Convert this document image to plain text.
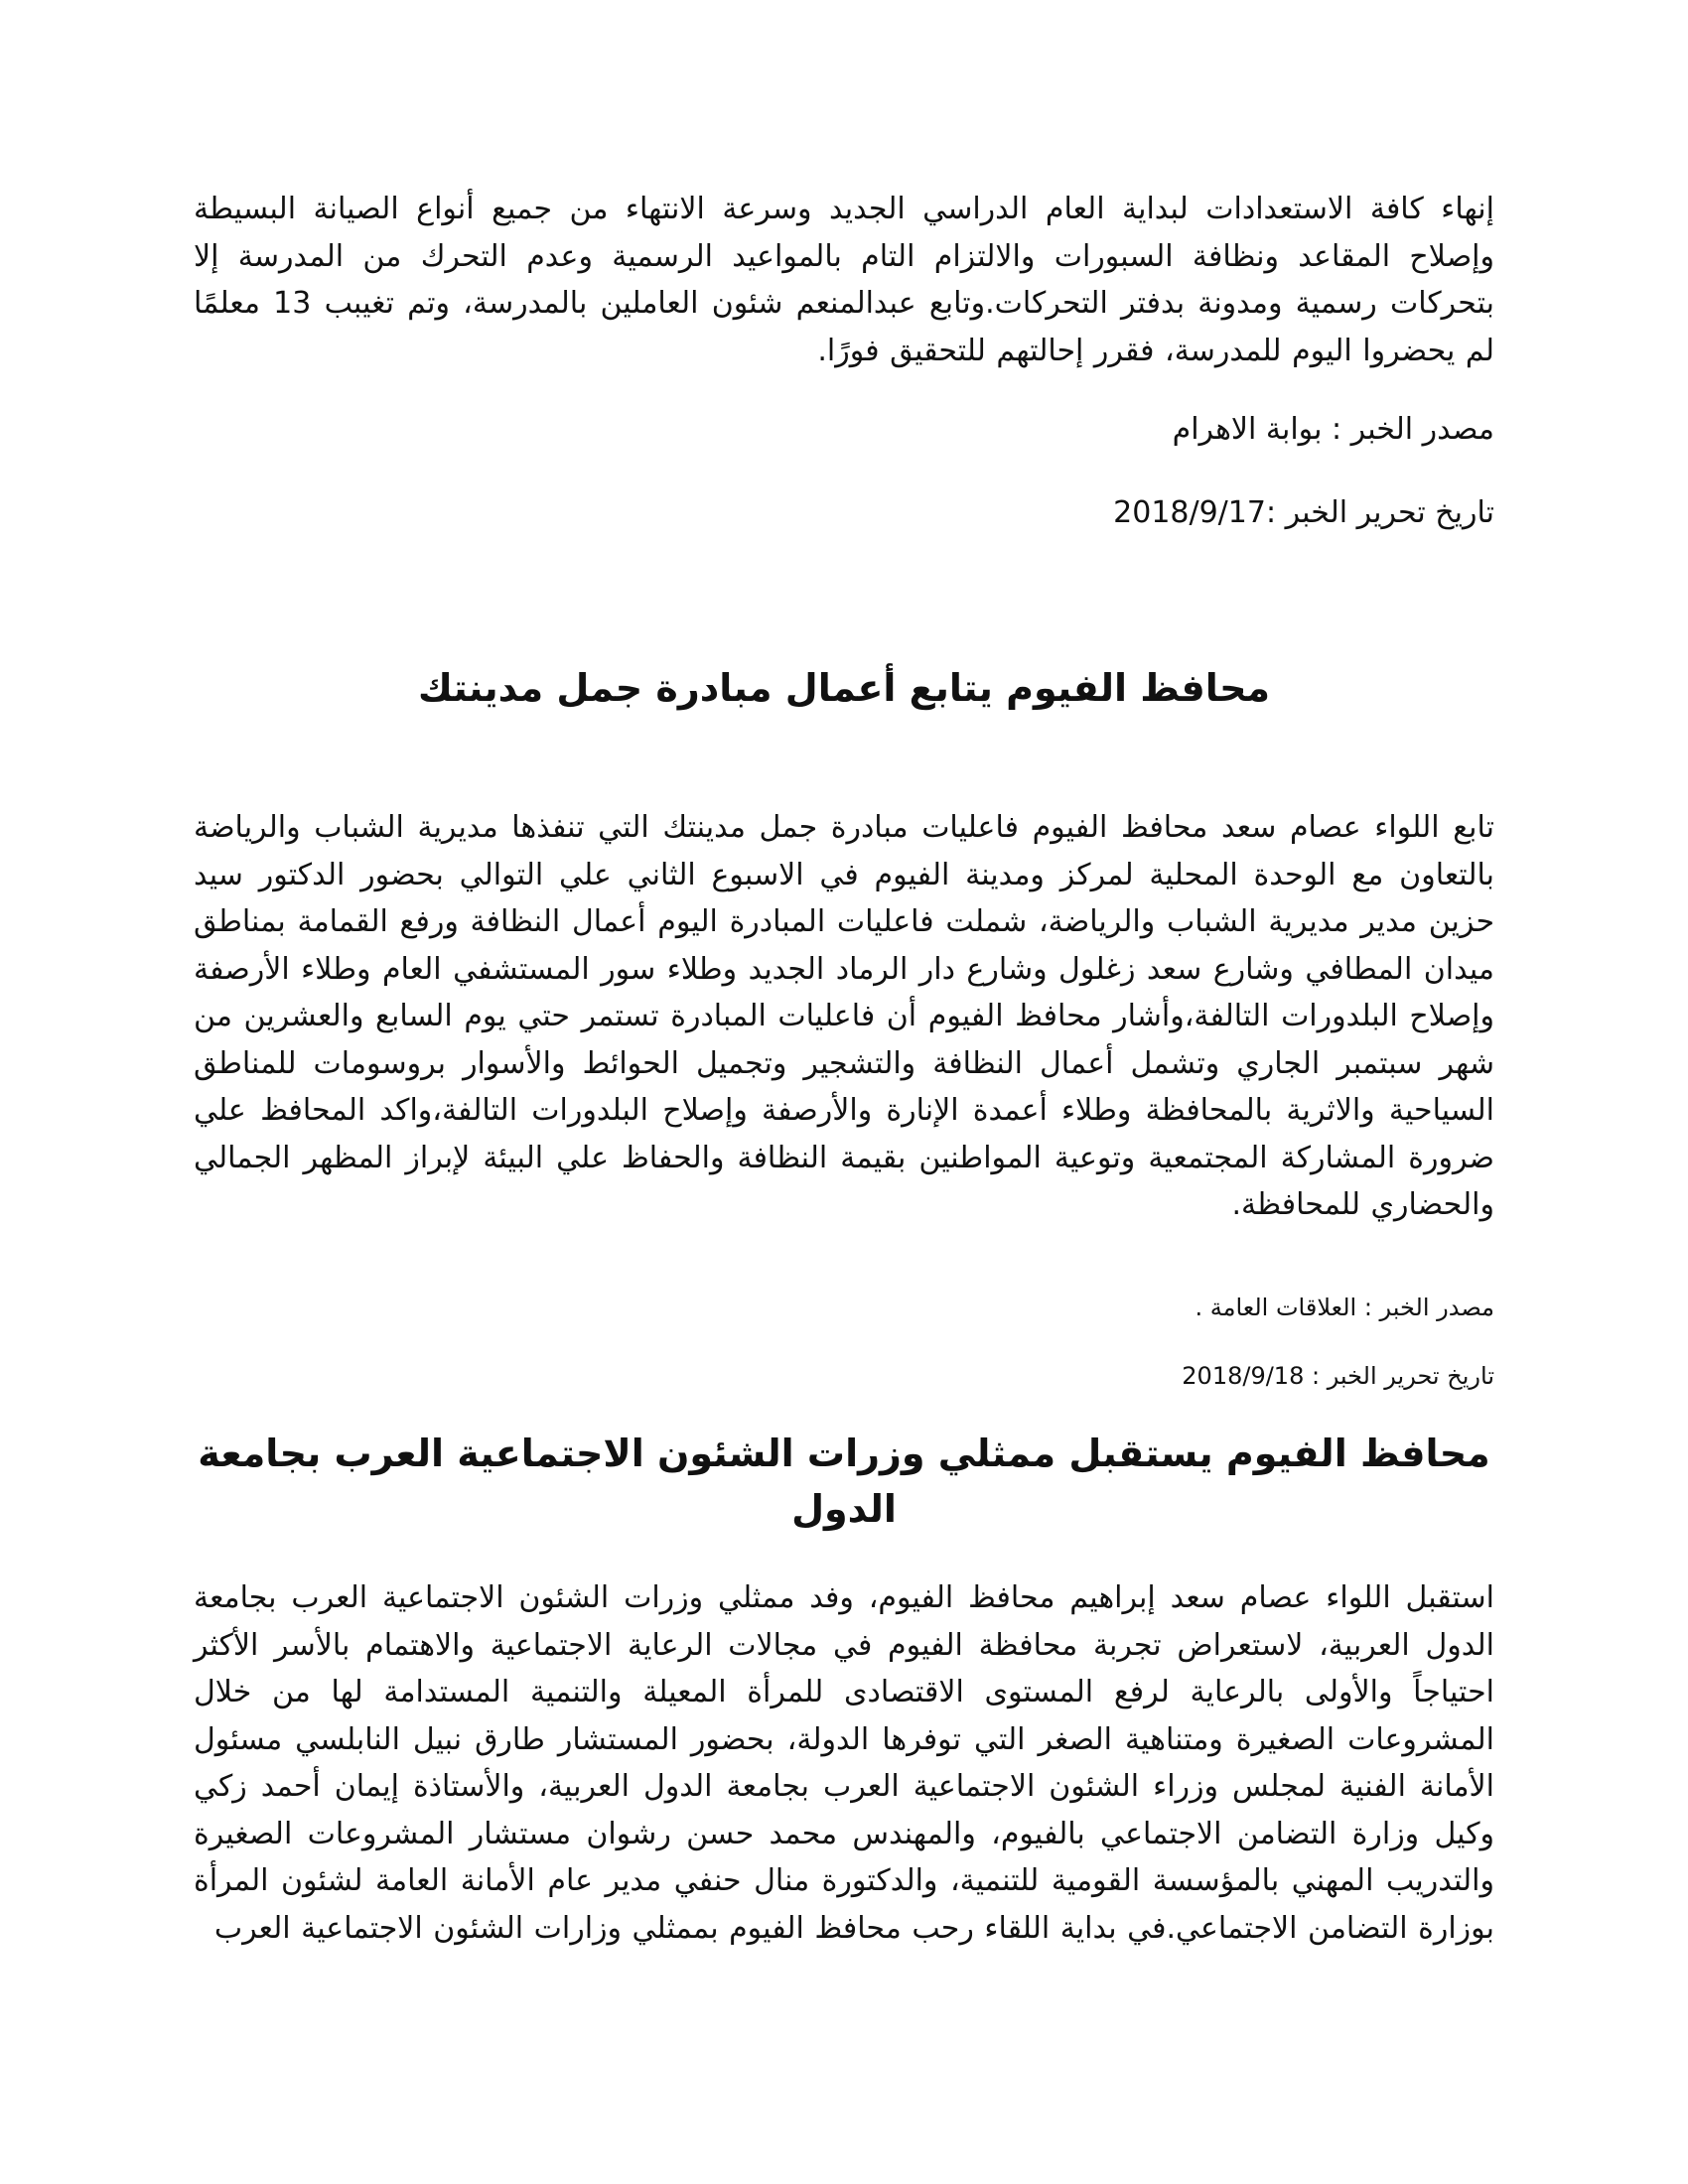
إنهاء كافة الاستعدادات لبداية العام الدراسي الجديد وسرعة الانتهاء من جميع أنواع الصيانة البسيطة وإصلاح المقاعد ونظافة السبورات والالتزام التام بالمواعيد الرسمية وعدم التحرك من المدرسة إلا بتحركات رسمية ومدونة بدفتر التحركات.وتابع عبدالمنعم شئون العاملين بالمدرسة، وتم تغيبب 13 معلمًا لم يحضروا اليوم للمدرسة، فقرر إحالتهم للتحقيق فورًا.

مصدر الخبر : بوابة الاهرام
تاريخ تحرير الخبر :2018/9/17
محافظ الفيوم يتابع أعمال مبادرة جمل مدينتك

تابع اللواء عصام سعد محافظ الفيوم فاعليات مبادرة جمل مدينتك التي تنفذها مديرية الشباب والرياضة بالتعاون مع الوحدة المحلية لمركز ومدينة الفيوم في الاسبوع الثاني علي التوالي بحضور الدكتور سيد حزين مدير مديرية الشباب والرياضة، شملت فاعليات المبادرة اليوم أعمال النظافة ورفع القمامة بمناطق ميدان المطافي وشارع سعد زغلول وشارع دار الرماد الجديد وطلاء سور المستشفي العام وطلاء الأرصفة وإصلاح البلدورات التالفة،وأشار محافظ الفيوم أن فاعليات المبادرة تستمر حتي يوم السابع والعشرين من شهر سبتمبر الجاري وتشمل أعمال النظافة والتشجير وتجميل الحوائط والأسوار بروسومات للمناطق السياحية والاثرية بالمحافظة وطلاء أعمدة الإنارة والأرصفة وإصلاح البلدورات التالفة،واكد المحافظ علي ضرورة المشاركة المجتمعية وتوعية المواطنين بقيمة النظافة والحفاظ علي البيئة لإبراز المظهر الجمالي والحضاري للمحافظة.

مصدر الخبر : العلاقات العامة .
تاريخ تحرير الخبر : 2018/9/18
محافظ الفيوم يستقبل ممثلي وزرات الشئون الاجتماعية العرب بجامعة الدول

استقبل اللواء عصام سعد إبراهيم محافظ الفيوم، وفد ممثلي وزرات الشئون الاجتماعية العرب بجامعة الدول العربية، لاستعراض تجربة محافظة الفيوم في مجالات الرعاية الاجتماعية والاهتمام بالأسر الأكثر احتياجاً والأولى بالرعاية لرفع المستوى الاقتصادى للمرأة المعيلة والتنمية المستدامة لها من خلال المشروعات الصغيرة ومتناهية الصغر التي توفرها الدولة، بحضور المستشار طارق نبيل النابلسي مسئول الأمانة الفنية لمجلس وزراء الشئون الاجتماعية العرب بجامعة الدول العربية، والأستاذة إيمان أحمد زكي وكيل وزارة التضامن الاجتماعي بالفيوم، والمهندس محمد حسن رشوان مستشار المشروعات الصغيرة والتدريب المهني بالمؤسسة القومية للتنمية، والدكتورة منال حنفي مدير عام الأمانة العامة لشئون المرأة بوزارة التضامن الاجتماعي.في بداية اللقاء رحب محافظ الفيوم بممثلي وزارات الشئون الاجتماعية العرب
